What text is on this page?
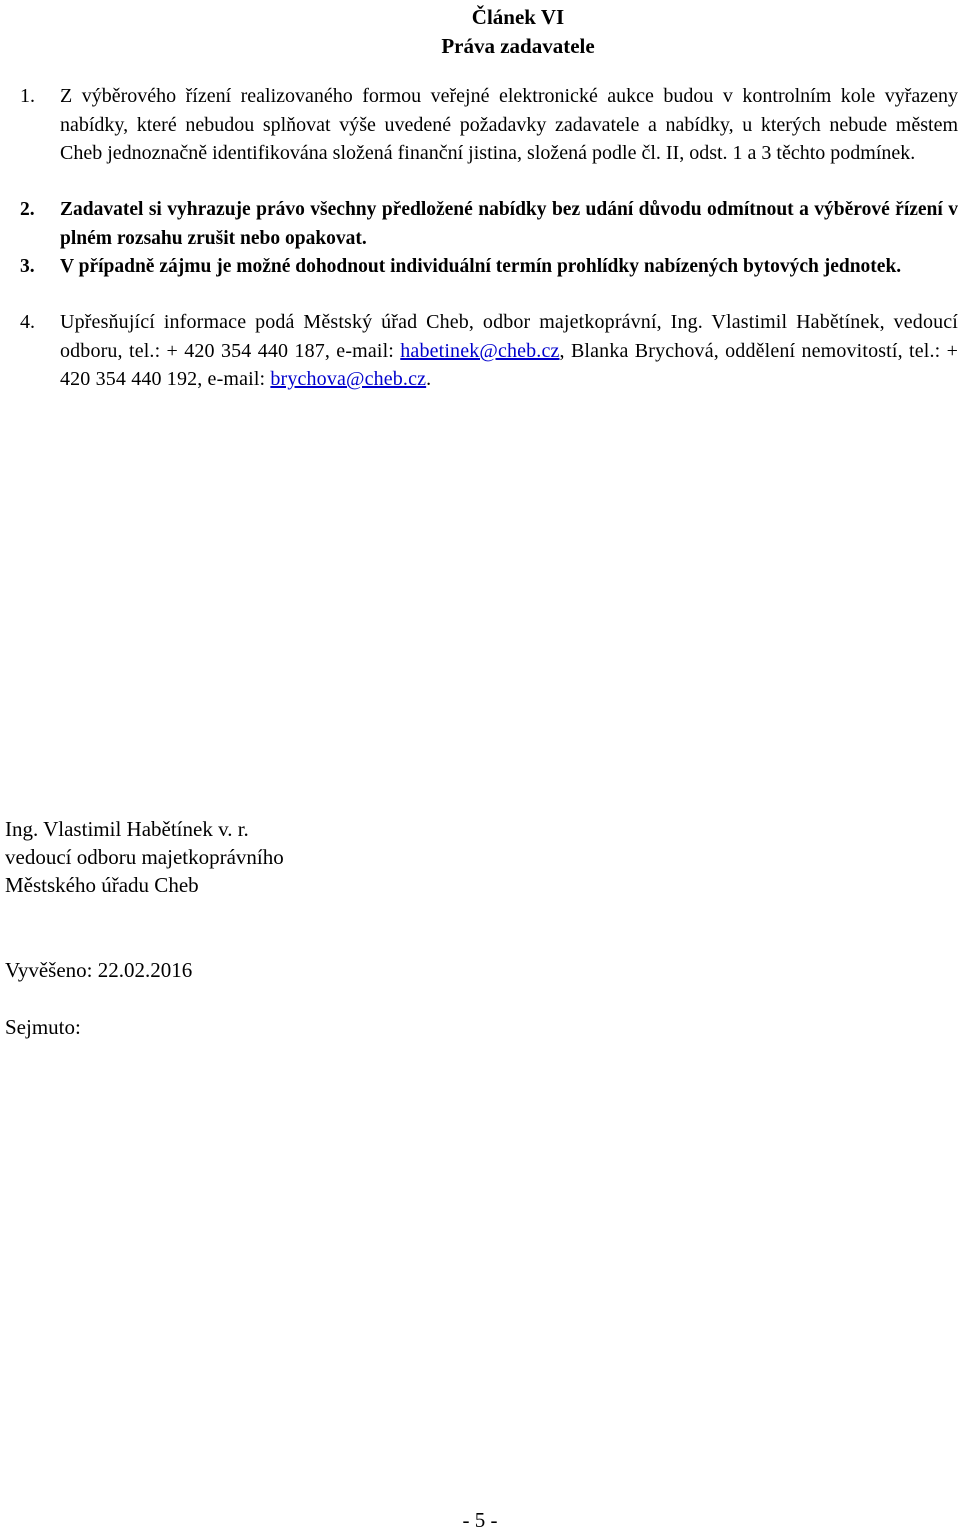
Článek VI
Práva zadavatele
1. Z výběrového řízení realizovaného formou veřejné elektronické aukce budou v kontrolním kole vyřazeny nabídky, které nebudou splňovat výše uvedené požadavky zadavatele a nabídky, u kterých nebude městem Cheb jednoznačně identifikována složená finanční jistina, složená podle čl. II, odst. 1 a 3 těchto podmínek.
2. Zadavatel si vyhrazuje právo všechny předložené nabídky bez udání důvodu odmítnout a výběrové řízení v plném rozsahu zrušit nebo opakovat.
3. V případně zájmu je možné dohodnout individuální termín prohlídky nabízených bytových jednotek.
4. Upřesňující informace podá Městský úřad Cheb, odbor majetkoprávní, Ing. Vlastimil Habětínek, vedoucí odboru, tel.: + 420 354 440 187, e-mail: habetinek@cheb.cz, Blanka Brychová, oddělení nemovitostí, tel.: + 420 354 440 192, e-mail: brychova@cheb.cz.
Ing. Vlastimil Habětínek v. r.
vedoucí odboru majetkoprávního
Městského úřadu Cheb
Vyvěšeno: 22.02.2016
Sejmuto:
- 5 -
